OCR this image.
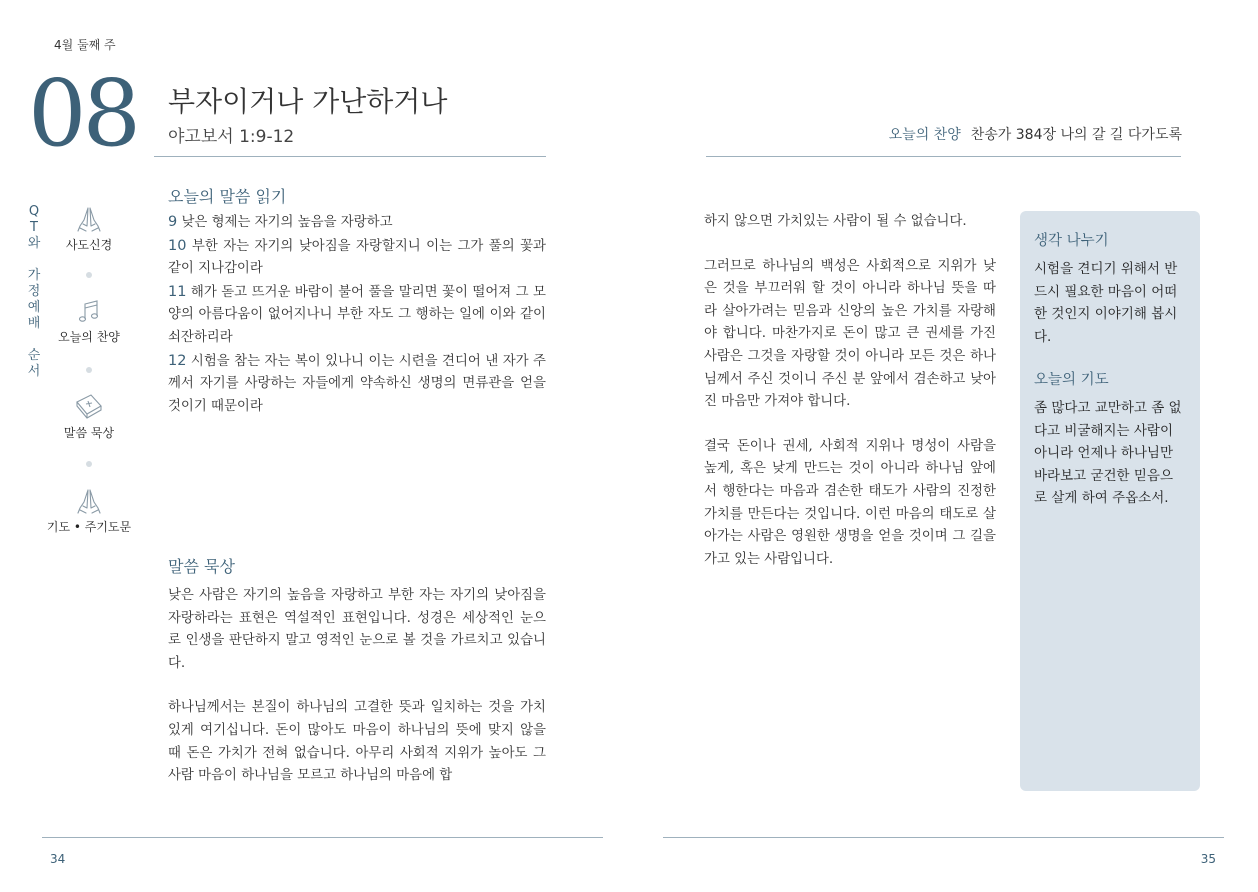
4월 둘째 주
08 부자이거나 가난하거나
야고보서 1:9-12	오늘의 찬양 찬송가 384장 나의 갈 길 다가도록
Q
T
와
가
정
예
배
순
서
사도신경
오늘의 찬양
말씀 묵상
기도 • 주기도문
오늘의 말씀 읽기
9 낮은 형제는 자기의 높음을 자랑하고
10 부한 자는 자기의 낮아짐을 자랑할지니 이는 그가 풀의 꽃과 같이 지나감이라
11 해가 돋고 뜨거운 바람이 불어 풀을 말리면 꽃이 떨어져 그 모양의 아름다움이 없어지나니 부한 자도 그 행하는 일에 이와 같이 쇠잔하리라
12 시험을 참는 자는 복이 있나니 이는 시련을 견디어 낸 자가 주께서 자기를 사랑하는 자들에게 약속하신 생명의 면류관을 얻을 것이기 때문이라
말씀 묵상

낮은 사람은 자기의 높음을 자랑하고 부한 자는 자기의 낮아짐을 자랑하라는 표현은 역설적인 표현입니다. 성경은 세상적인 눈으로 인생을 판단하지 말고 영적인 눈으로 볼 것을 가르치고 있습니다.

하나님께서는 본질이 하나님의 고결한 뜻과 일치하는 것을 가치있게 여기십니다. 돈이 많아도 마음이 하나님의 뜻에 맞지 않을 때 돈은 가치가 전혀 없습니다. 아무리 사회적 지위가 높아도 그 사람 마음이 하나님을 모르고 하나님의 마음에 합

하지 않으면 가치있는 사람이 될 수 없습니다.

그러므로 하나님의 백성은 사회적으로 지위가 낮은 것을 부끄러워 할 것이 아니라 하나님 뜻을 따라 살아가려는 믿음과 신앙의 높은 가치를 자랑해야 합니다. 마찬가지로 돈이 많고 큰 권세를 가진 사람은 그것을 자랑할 것이 아니라 모든 것은 하나님께서 주신 것이니 주신 분 앞에서 겸손하고 낮아진 마음만 가져야 합니다.

결국 돈이나 권세, 사회적 지위나 명성이 사람을 높게, 혹은 낮게 만드는 것이 아니라 하나님 앞에서 행한다는 마음과 겸손한 태도가 사람의 진정한 가치를 만든다는 것입니다. 이런 마음의 태도로 살아가는 사람은 영원한 생명을 얻을 것이며 그 길을 가고 있는 사람입니다.

생각 나누기

시험을 견디기 위해서 반드시 필요한 마음이 어떠한 것인지 이야기해 봅시다.

오늘의 기도

좀 많다고 교만하고 좀 없다고 비굴해지는 사람이 아니라 언제나 하나님만 바라보고 굳건한 믿음으로 살게 하여 주옵소서.

34	35
